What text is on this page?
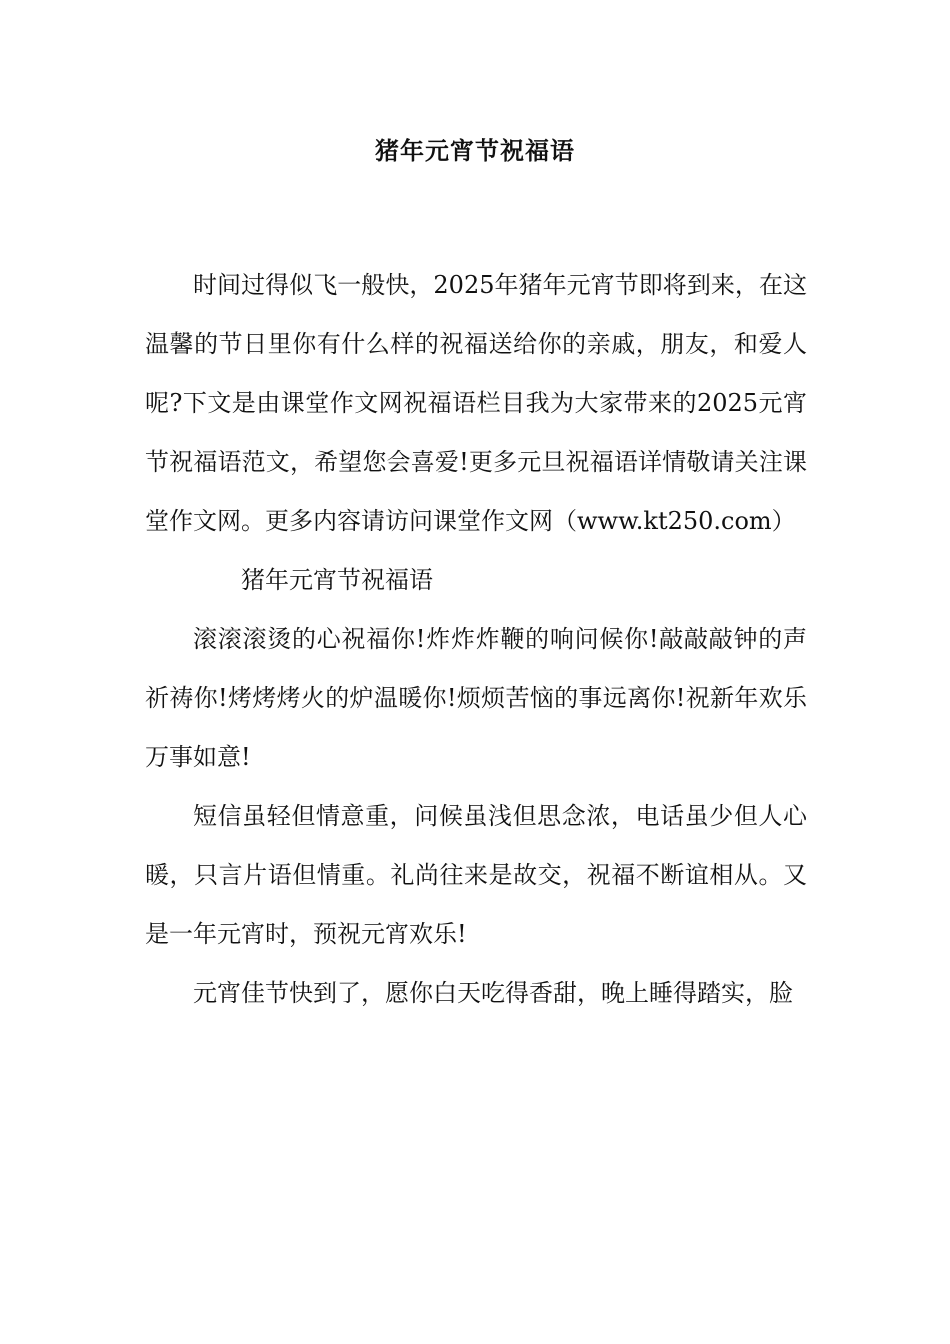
猪年元宵节祝福语

时间过得似飞一般快，2025年猪年元宵节即将到来，在这温馨的节日里你有什么样的祝福送给你的亲戚，朋友，和爱人呢?下文是由课堂作文网祝福语栏目我为大家带来的2025元宵节祝福语范文，希望您会喜爱!更多元旦祝福语详情敬请关注课堂作文网。更多内容请访问课堂作文网（www.kt250.com）

猪年元宵节祝福语

滚滚滚烫的心祝福你!炸炸炸鞭的响问候你!敲敲敲钟的声祈祷你!烤烤烤火的炉温暖你!烦烦苦恼的事远离你!祝新年欢乐万事如意!

短信虽轻但情意重，问候虽浅但思念浓，电话虽少但人心暖，只言片语但情重。礼尚往来是故交，祝福不断谊相从。又是一年元宵时，预祝元宵欢乐!

元宵佳节快到了，愿你白天吃得香甜，晚上睡得踏实，脸
